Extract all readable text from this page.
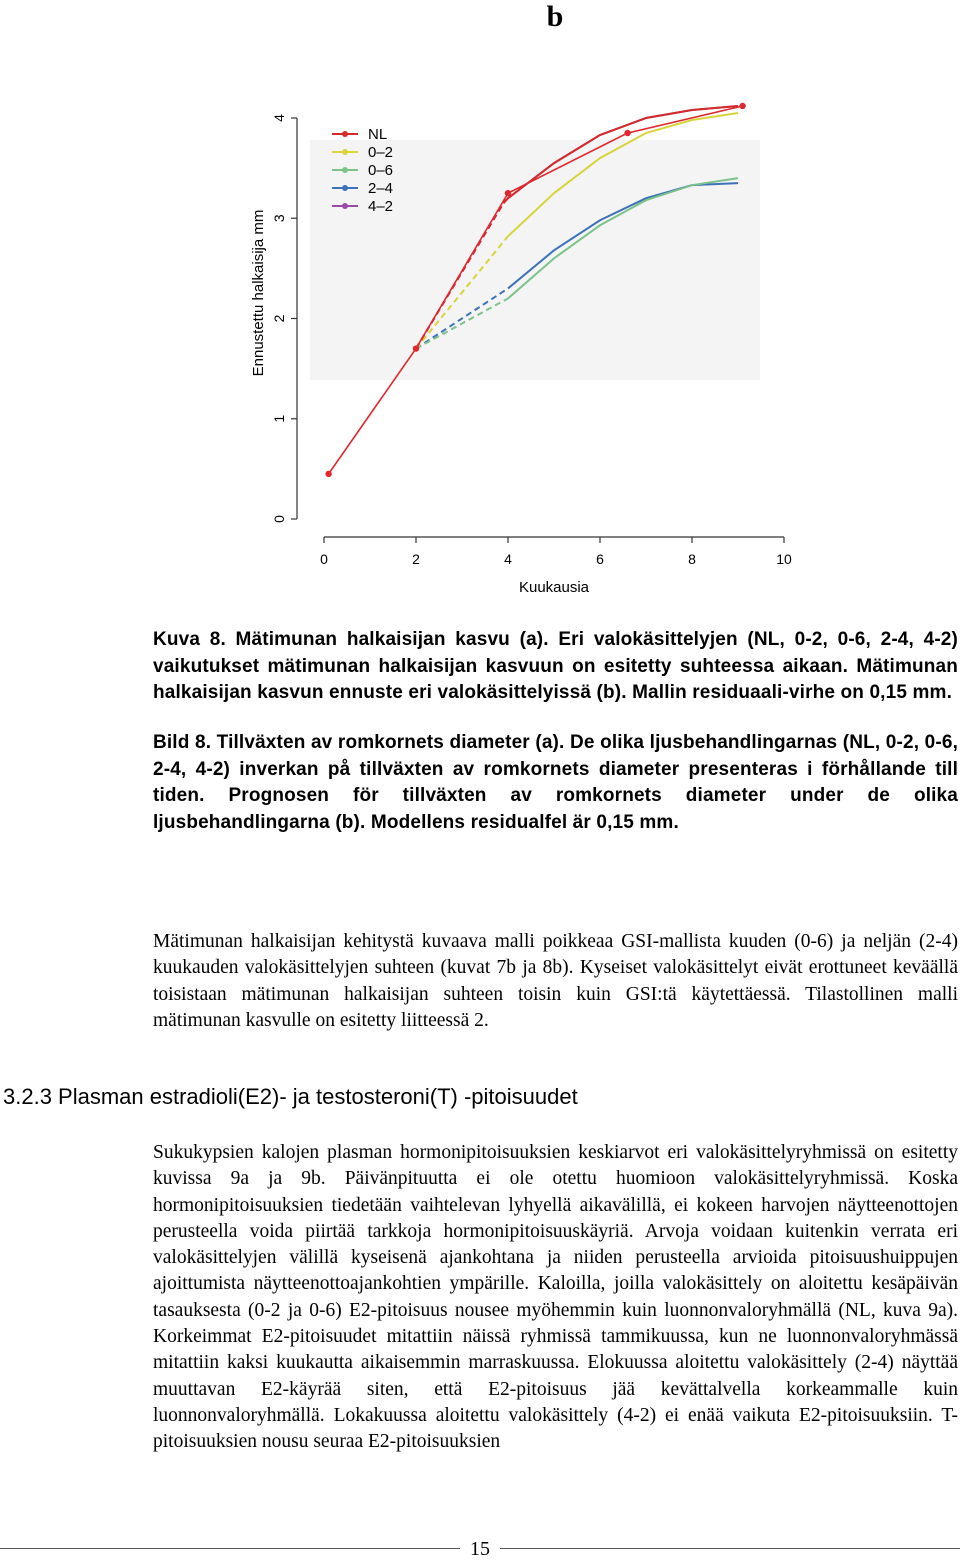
b
0
1
2
3
4
0	2	4	6	8	10
NL
0–2
0–6
2–4
4–2
Ennustettu halkaisija mm
Kuukausia
Kuva 8. Mätimunan halkaisijan kasvu (a). Eri valokäsittelyjen (NL, 0-2, 0-6, 2-4, 4-2) vaikutukset mätimunan halkaisijan kasvuun on esitetty suhteessa aikaan. Mätimunan halkaisijan kasvun ennuste eri valokäsittelyissä (b). Mallin residuaali-virhe on 0,15 mm.
Bild 8. Tillväxten av romkornets diameter (a). De olika ljusbehandlingarnas (NL, 0-2, 0-6, 2-4, 4-2) inverkan på tillväxten av romkornets diameter presenteras i förhållande till tiden. Prognosen för tillväxten av romkornets diameter under de olika ljusbehandlingarna (b). Modellens residualfel är 0,15 mm.
Mätimunan halkaisijan kehitystä kuvaava malli poikkeaa GSI-mallista kuuden (0-6) ja neljän (2-4) kuukauden valokäsittelyjen suhteen (kuvat 7b ja 8b). Kyseiset valokäsittelyt eivät erottuneet keväällä toisistaan mätimunan halkaisijan suhteen toisin kuin GSI:tä käytettäessä. Tilastollinen malli mätimunan kasvulle on esitetty liitteessä 2.
3.2.3 Plasman estradioli(E2)- ja testosteroni(T) -pitoisuudet
Sukukypsien kalojen plasman hormonipitoisuuksien keskiarvot eri valokäsittelyryhmissä on esitetty kuvissa 9a ja 9b. Päivänpituutta ei ole otettu huomioon valokäsittelyryhmissä. Koska hormonipitoisuuksien tiedetään vaihtelevan lyhyellä aikavälillä, ei kokeen harvojen näytteenottojen perusteella voida piirtää tarkkoja hormonipitoisuuskäyriä. Arvoja voidaan kuitenkin verrata eri valokäsittelyjen välillä kyseisenä ajankohtana ja niiden perusteella arvioida pitoisuushuippujen ajoittumista näytteenottoajankohtien ympärille. Kaloilla, joilla valokäsittely on aloitettu kesäpäivän tasauksesta (0-2 ja 0-6) E2-pitoisuus nousee myöhemmin kuin luonnonvaloryhmällä (NL, kuva 9a). Korkeimmat E2-pitoisuudet mitattiin näissä ryhmissä tammikuussa, kun ne luonnonvaloryhmässä mitattiin kaksi kuukautta aikaisemmin marraskuussa. Elokuussa aloitettu valokäsittely (2-4) näyttää muuttavan E2-käyrää siten, että E2-pitoisuus jää kevättalvella korkeammalle kuin luonnonvaloryhmällä. Lokakuussa aloitettu valokäsittely (4-2) ei enää vaikuta E2-pitoisuuksiin. T-pitoisuuksien nousu seuraa E2-pitoisuuksien
15
